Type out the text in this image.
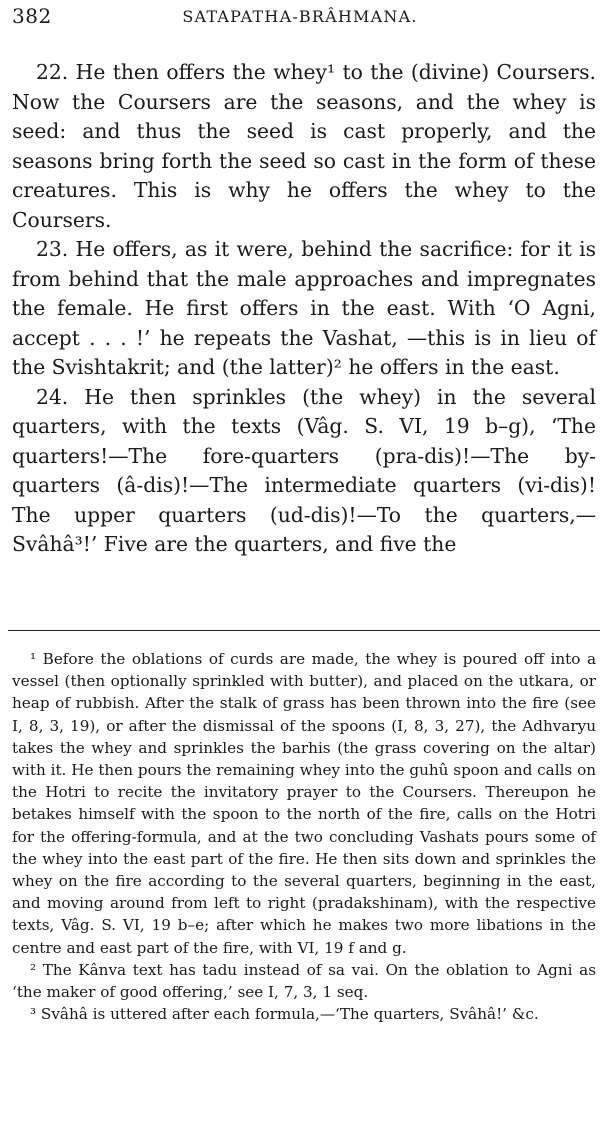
382	SATAPATHA-BRÂHMANA.

22. He then offers the whey¹ to the (divine) Coursers. Now the Coursers are the seasons, and the whey is seed: and thus the seed is cast properly, and the seasons bring forth the seed so cast in the form of these creatures. This is why he offers the whey to the Coursers.

23. He offers, as it were, behind the sacrifice: for it is from behind that the male approaches and impregnates the female. He first offers in the east. With ‘O Agni, accept . . . !’ he repeats the Vashat, —this is in lieu of the Svishtakrit; and (the latter)² he offers in the east.

24. He then sprinkles (the whey) in the several quarters, with the texts (Vâg. S. VI, 19 b–g), ‘The quarters!—The fore-quarters (pra-dis)!—The by-quarters (â-dis)!—The intermediate quarters (vi-dis)! The upper quarters (ud-dis)!—To the quarters,— Svâhâ³!’ Five are the quarters, and five the

¹ Before the oblations of curds are made, the whey is poured off into a vessel (then optionally sprinkled with butter), and placed on the utkara, or heap of rubbish. After the stalk of grass has been thrown into the fire (see I, 8, 3, 19), or after the dismissal of the spoons (I, 8, 3, 27), the Adhvaryu takes the whey and sprinkles the barhis (the grass covering on the altar) with it. He then pours the remaining whey into the guhû spoon and calls on the Hotri to recite the invitatory prayer to the Coursers. Thereupon he betakes himself with the spoon to the north of the fire, calls on the Hotri for the offering-formula, and at the two concluding Vashats pours some of the whey into the east part of the fire. He then sits down and sprinkles the whey on the fire according to the several quarters, beginning in the east, and moving around from left to right (pradakshinam), with the respective texts, Vâg. S. VI, 19 b–e; after which he makes two more libations in the centre and east part of the fire, with VI, 19 f and g.

² The Kânva text has tadu instead of sa vai. On the oblation to Agni as ‘the maker of good offering,’ see I, 7, 3, 1 seq.

³ Svâhâ is uttered after each formula,—‘The quarters, Svâhâ!’ &c.
